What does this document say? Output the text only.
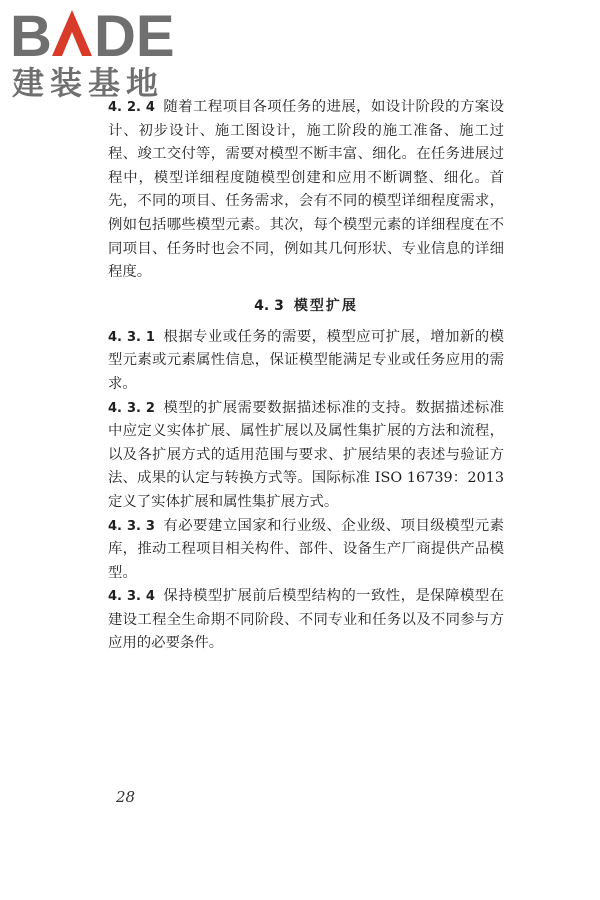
B DE
建装基地

4. 2. 4 随着工程项目各项任务的进展，如设计阶段的方案设计、初步设计、施工图设计，施工阶段的施工准备、施工过程、竣工交付等，需要对模型不断丰富、细化。在任务进展过程中，模型详细程度随模型创建和应用不断调整、细化。首先，不同的项目、任务需求，会有不同的模型详细程度需求，例如包括哪些模型元素。其次，每个模型元素的详细程度在不同项目、任务时也会不同，例如其几何形状、专业信息的详细程度。

4. 3 模型扩展

4. 3. 1 根据专业或任务的需要，模型应可扩展，增加新的模型元素或元素属性信息，保证模型能满足专业或任务应用的需求。

4. 3. 2 模型的扩展需要数据描述标准的支持。数据描述标准中应定义实体扩展、属性扩展以及属性集扩展的方法和流程，以及各扩展方式的适用范围与要求、扩展结果的表述与验证方法、成果的认定与转换方式等。国际标准 ISO 16739：2013 定义了实体扩展和属性集扩展方式。

4. 3. 3 有必要建立国家和行业级、企业级、项目级模型元素库，推动工程项目相关构件、部件、设备生产厂商提供产品模型。

4. 3. 4 保持模型扩展前后模型结构的一致性，是保障模型在建设工程全生命期不同阶段、不同专业和任务以及不同参与方应用的必要条件。

28
